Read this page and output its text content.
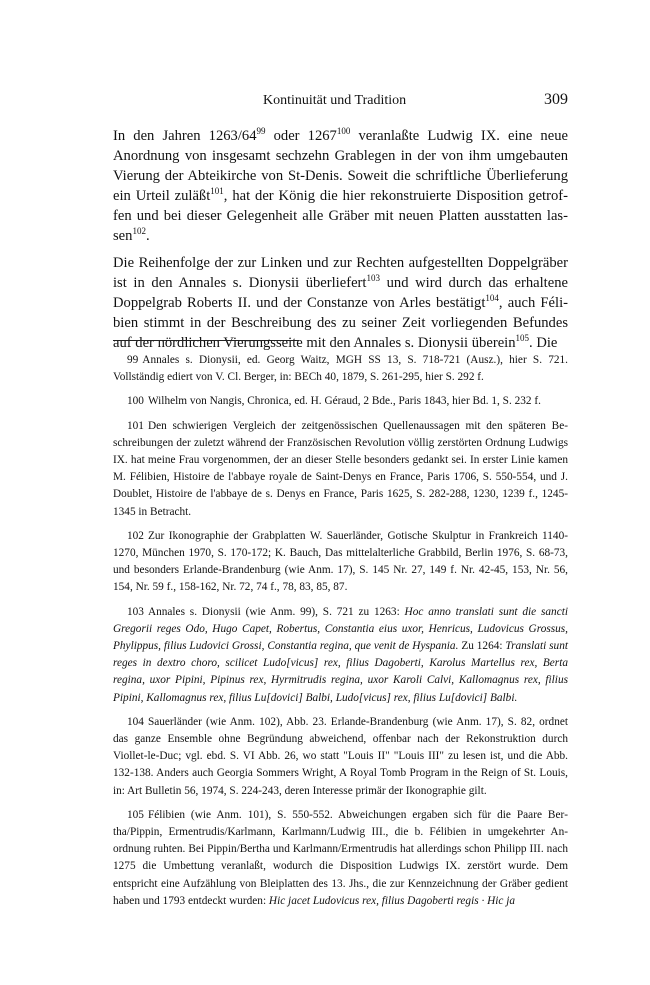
Kontinuität und Tradition	309

In den Jahren $1263/64^{99}$ oder 1267$^{100}$ veranlaßte Ludwig IX. eine neue Anordnung von insgesamt sechzehn Grablegen in der von ihm umgebauten Vierung der Abteikirche von St-Denis. Soweit die schriftliche Überlieferung ein Urteil zuläßt$^{101}$, hat der König die hier rekonstruierte Disposition getroffen und bei dieser Gelegenheit alle Gräber mit neuen Platten ausstatten lassen$^{102}$.

Die Reihenfolge der zur Linken und zur Rechten aufgestellten Doppelgräber ist in den Annales s. Dionysii überliefert$^{103}$ und wird durch das erhaltene Doppelgrab Roberts II. und der Constanze von Arles bestätigt$^{104}$, auch Félibien stimmt in der Beschreibung des zu seiner Zeit vorliegenden Befundes auf der nördlichen Vierungsseite mit den Annales s. Dionysii überein$^{105}$. Die

99 Annales s. Dionysii, ed. Georg Waitz, MGH SS 13, S. 718-721 (Ausz.), hier S. 721. Vollständig ediert von V. Cl. Berger, in: BECh 40, 1879, S. 261-295, hier S. 292 f.
100 Wilhelm von Nangis, Chronica, ed. H. Géraud, 2 Bde., Paris 1843, hier Bd. 1, S. 232 f.
101 Den schwierigen Vergleich der zeitgenössischen Quellenaussagen mit den späteren Beschreibungen der zuletzt während der Französischen Revolution völlig zerstörten Ordnung Ludwigs IX. hat meine Frau vorgenommen, der an dieser Stelle besonders gedankt sei. In erster Linie kamen M. Félibien, Histoire de l'abbaye royale de Saint-Denys en France, Paris 1706, S. 550-554, und J. Doublet, Histoire de l'abbaye de s. Denys en France, Paris 1625, S. 282-288, 1230, 1239 f., 1245-1345 in Betracht.
102 Zur Ikonographie der Grabplatten W. Sauerländer, Gotische Skulptur in Frankreich 1140-1270, München 1970, S. 170-172; K. Bauch, Das mittelalterliche Grabbild, Berlin 1976, S. 68-73, und besonders Erlande-Brandenburg (wie Anm. 17), S. 145 Nr. 27, 149 f. Nr. 42-45, 153, Nr. 56, 154, Nr. 59 f., 158-162, Nr. 72, 74 f., 78, 83, 85, 87.
103 Annales s. Dionysii (wie Anm. 99), S. 721 zu 1263: Hoc anno translati sunt die sancti Gregorii reges Odo, Hugo Capet, Robertus, Constantia eius uxor, Henricus, Ludovicus Grossus, Phylippus, filius Ludovici Grossi, Constantia regina, que venit de Hyspania. Zu 1264: Translati sunt reges in dextro choro, scilicet Ludo[vicus] rex, filius Dagoberti, Karolus Martellus rex, Berta regina, uxor Pipini, Pipinus rex, Hyrmitrudis regina, uxor Karoli Calvi, Kallomagnus rex, filius Pipini, Kallomagnus rex, filius Lu[dovici] Balbi, Ludo[vicus] rex, filius Lu[dovici] Balbi.
104 Sauerländer (wie Anm. 102), Abb. 23. Erlande-Brandenburg (wie Anm. 17), S. 82, ordnet das ganze Ensemble ohne Begründung abweichend, offenbar nach der Rekonstruktion durch Viollet-le-Duc; vgl. ebd. S. VI Abb. 26, wo statt "Louis II" "Louis III" zu lesen ist, und die Abb. 132-138. Anders auch Georgia Sommers Wright, A Royal Tomb Program in the Reign of St. Louis, in: Art Bulletin 56, 1974, S. 224-243, deren Interesse primär der Ikonographie gilt.
105 Félibien (wie Anm. 101), S. 550-552. Abweichungen ergaben sich für die Paare Bertha/Pippin, Ermentrudis/Karlmann, Karlmann/Ludwig III., die b. Félibien in umgekehrter Anordnung ruhten. Bei Pippin/Bertha und Karlmann/Ermentrudis hat allerdings schon Philipp III. nach 1275 die Umbettung veranlaßt, wodurch die Disposition Ludwigs IX. zerstört wurde. Dem entspricht eine Aufzählung von Bleiplatten des 13. Jhs., die zur Kennzeichnung der Gräber gedient haben und 1793 entdeckt wurden: Hic jacet Ludovicus rex, filius Dagoberti regis · Hic ja
